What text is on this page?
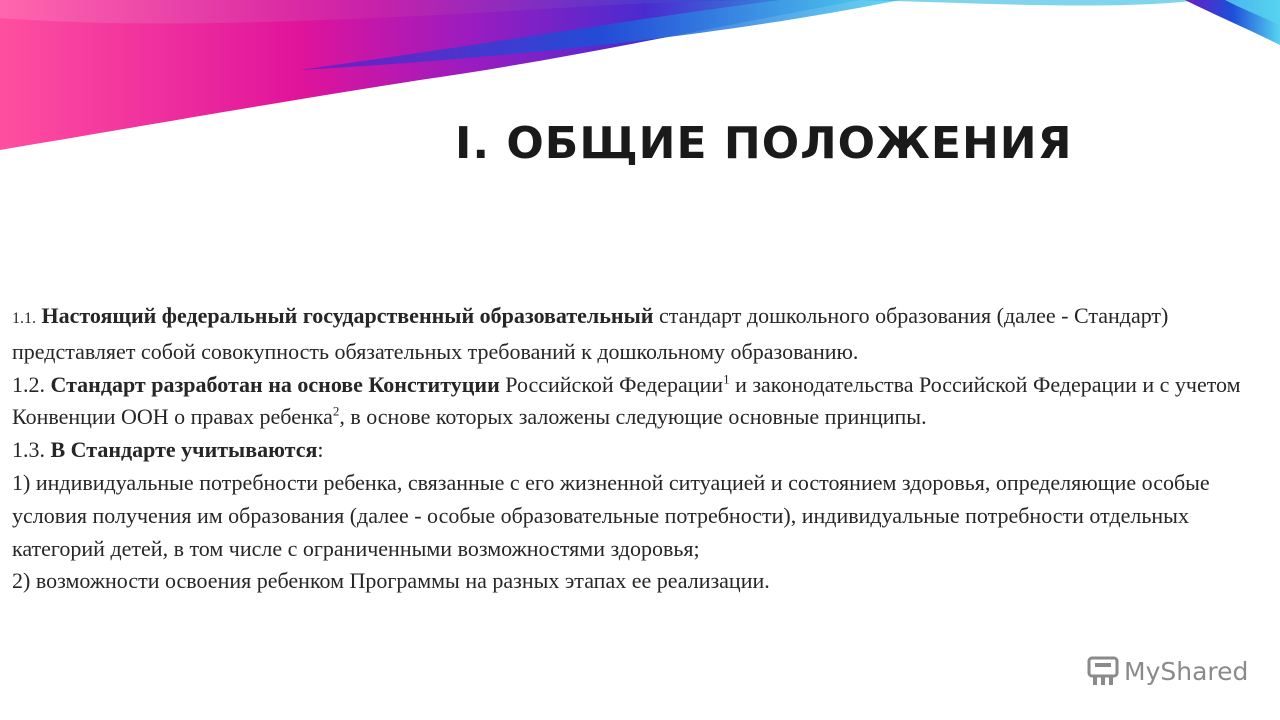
I. ОБЩИЕ ПОЛОЖЕНИЯ

1.1. Настоящий федеральный государственный образовательный стандарт дошкольного образования (далее - Стандарт) представляет собой совокупность обязательных требований к дошкольному образованию.

1.2. Стандарт разработан на основе Конституции Российской Федерации$^1$ и законодательства Российской Федерации и с учетом Конвенции ООН о правах ребенка$^2$, в основе которых заложены следующие основные принципы.

1.3. В Стандарте учитываются:

1) индивидуальные потребности ребенка, связанные с его жизненной ситуацией и состоянием здоровья, определяющие особые условия получения им образования (далее - особые образовательные потребности), индивидуальные потребности отдельных категорий детей, в том числе с ограниченными возможностями здоровья;

2) возможности освоения ребенком Программы на разных этапах ее реализации.

MyShared
